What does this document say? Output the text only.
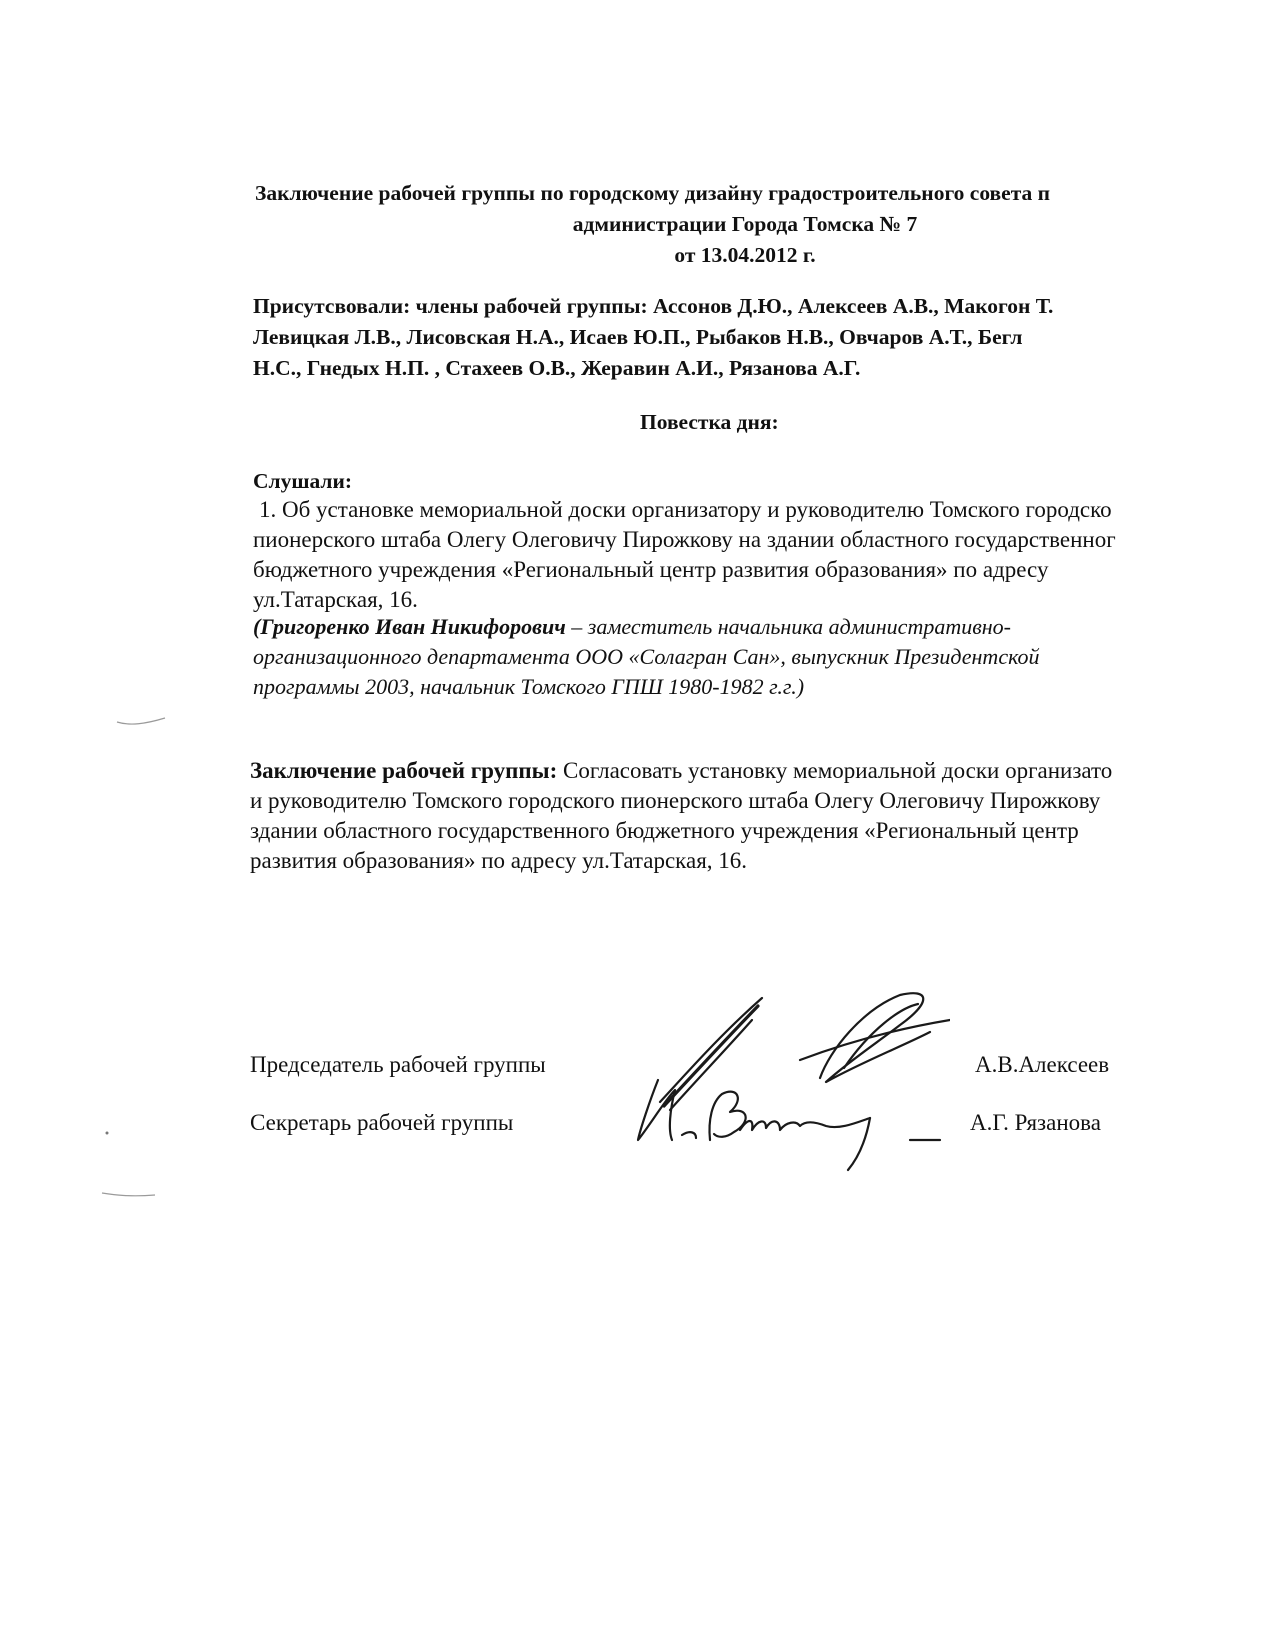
Заключение рабочей группы по городскому дизайну градостроительного совета п
администрации Города Томска № 7
от 13.04.2012 г.
Присутсвовали: члены рабочей группы: Ассонов Д.Ю., Алексеев А.В., Макогон Т.
Левицкая Л.В., Лисовская Н.А., Исаев Ю.П., Рыбаков Н.В., Овчаров А.Т., Бегл
Н.С., Гнедых Н.П. , Стахеев О.В., Жеравин А.И., Рязанова А.Г.
Повестка дня:
Слушали:
1. Об установке мемориальной доски организатору и руководителю Томского городско
пионерского штаба Олегу Олеговичу Пирожкову на здании областного государственног
бюджетного учреждения «Региональный центр развития образования» по адресу
ул.Татарская, 16.
(Григоренко Иван Никифорович – заместитель начальника административно-
организационного департамента ООО «Солагран Сан», выпускник Президентской
программы 2003, начальник Томского ГПШ 1980-1982 г.г.)
Заключение рабочей группы: Согласовать установку мемориальной доски организато
и руководителю Томского городского пионерского штаба Олегу Олеговичу Пирожкову
здании областного государственного бюджетного учреждения «Региональный центр
развития образования» по адресу ул.Татарская, 16.
Председатель рабочей группы	А.В.Алексеев
Секретарь рабочей группы	А.Г. Рязанова
